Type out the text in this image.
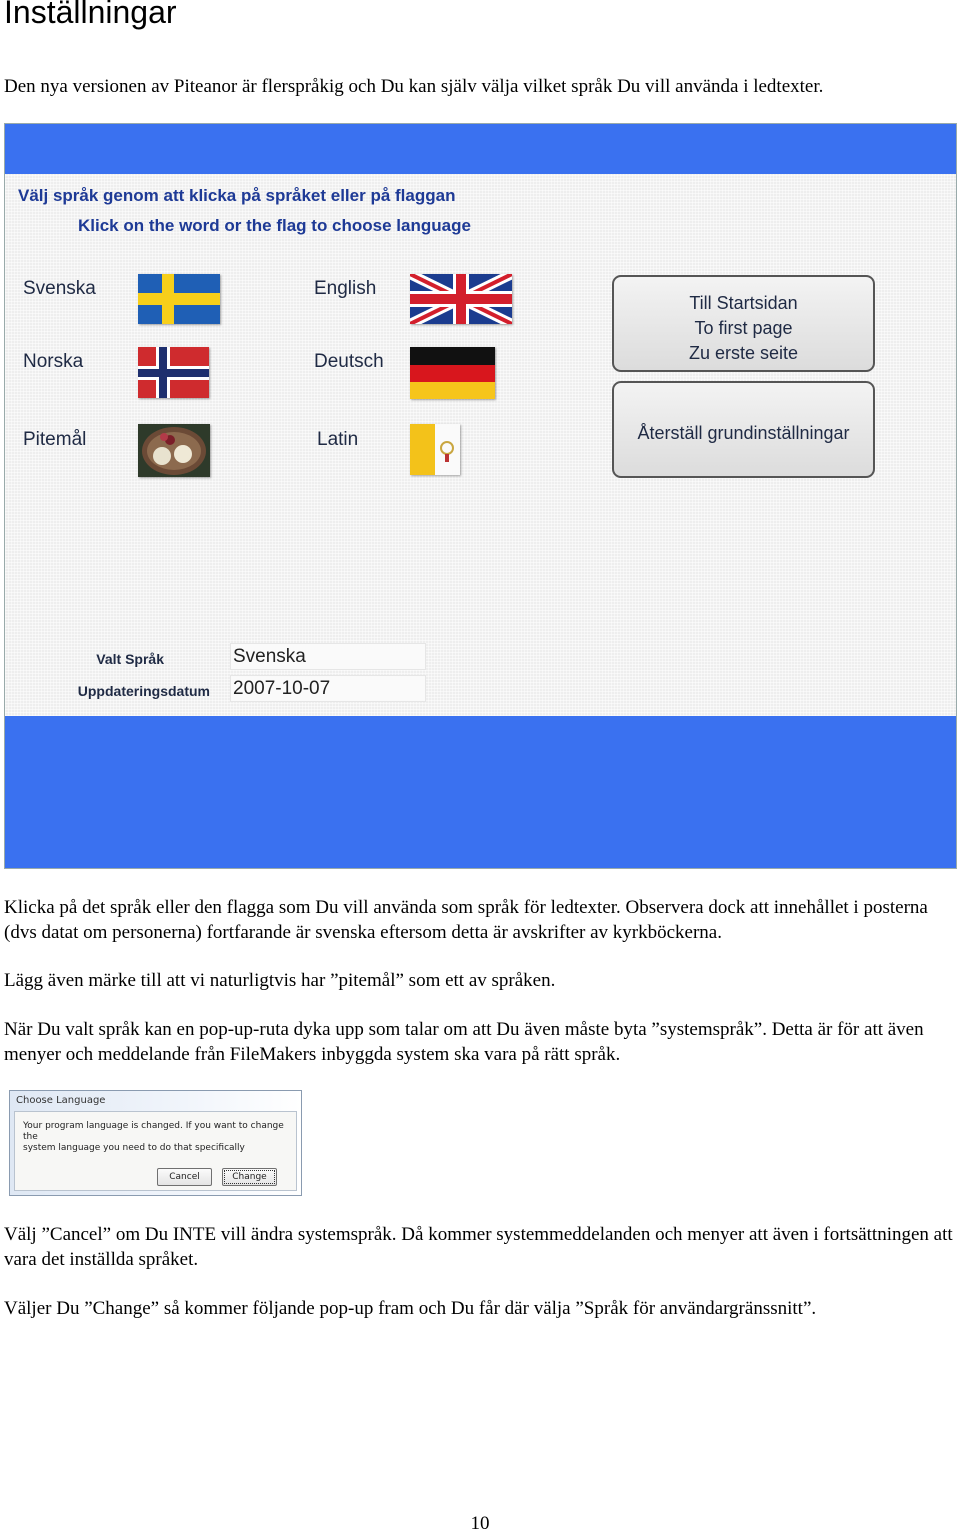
Inställningar

Den nya versionen av Piteanor är flerspråkig och Du kan själv välja vilket språk Du vill använda i ledtexter.

Välj språk genom att klicka på språket eller på flaggan
Klick on the word or the flag to choose language
Svenska	English
Norska	Deutsch
Pitemål	Latin
Till Startsidan
To first page
Zu erste seite
Återställ grundinställningar
Valt Språk	Svenska
Uppdateringsdatum 2007-10-07

Klicka på det språk eller den flagga som Du vill använda som språk för ledtexter. Observera dock att innehållet i posterna (dvs datat om personerna) fortfarande är svenska eftersom detta är avskrifter av kyrkböckerna.

Lägg även märke till att vi naturligtvis har ”pitemål” som ett av språken.

När Du valt språk kan en pop-up-ruta dyka upp som talar om att Du även måste byta ”systemspråk”. Detta är för att även menyer och meddelande från FileMakers inbyggda system ska vara på rätt språk.

Choose Language
Your program language is changed. If you want to change the
system language you need to do that specifically
Cancel	Change

Välj ”Cancel” om Du INTE vill ändra systemspråk. Då kommer systemmeddelanden och menyer att även i fortsättningen att vara det inställda språket.

Väljer Du ”Change” så kommer följande pop-up fram och Du får där välja ”Språk för användargränssnitt”.

10
